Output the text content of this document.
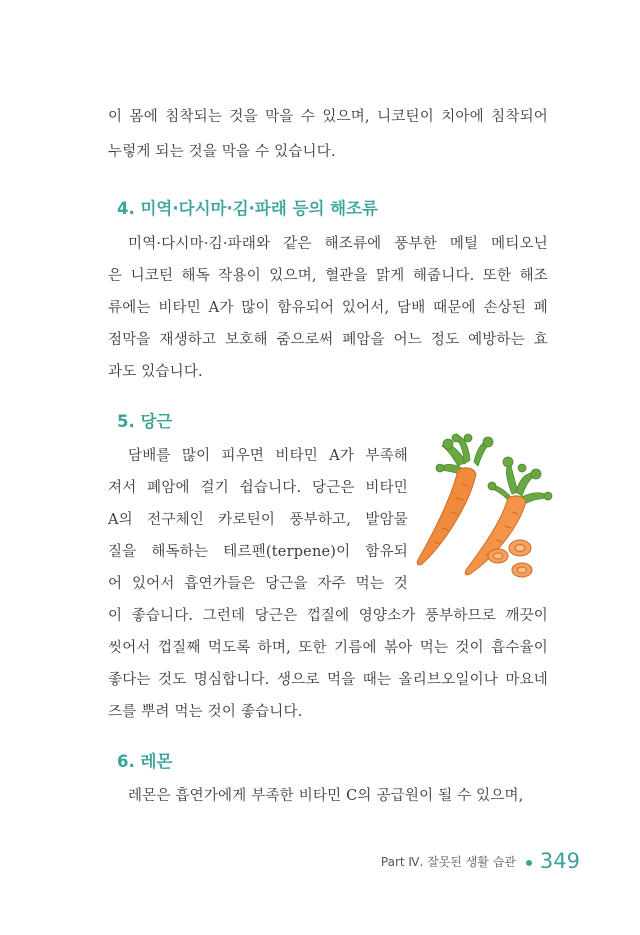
이 몸에 침착되는 것을 막을 수 있으며, 니코틴이 치아에 침착되어
누렇게 되는 것을 막을 수 있습니다.
4. 미역·다시마·김·파래 등의 해조류
미역·다시마·김·파래와 같은 해조류에 풍부한 메틸 메티오닌
은 니코틴 해독 작용이 있으며, 혈관을 맑게 해줍니다. 또한 해조
류에는 비타민 A가 많이 함유되어 있어서, 담배 때문에 손상된 폐
점막을 재생하고 보호해 줌으로써 폐암을 어느 정도 예방하는 효
과도 있습니다.
5. 당근
담배를 많이 피우면 비타민 A가 부족해
져서 폐암에 걸기 쉽습니다. 당근은 비타민
A의 전구체인 카로틴이 풍부하고, 발암물
질을 해독하는 테르펜(terpene)이 함유되
어 있어서 흡연가들은 당근을 자주 먹는 것
이 좋습니다. 그런데 당근은 껍질에 영양소가 풍부하므로 깨끗이
씻어서 껍질째 먹도록 하며, 또한 기름에 볶아 먹는 것이 흡수율이
좋다는 것도 명심합니다. 생으로 먹을 때는 올리브오일이나 마요네
즈를 뿌려 먹는 것이 좋습니다.
6. 레몬
레몬은 흡연가에게 부족한 비타민 C의 공급원이 될 수 있으며,
Part Ⅳ. 잘못된 생활 습관 349
